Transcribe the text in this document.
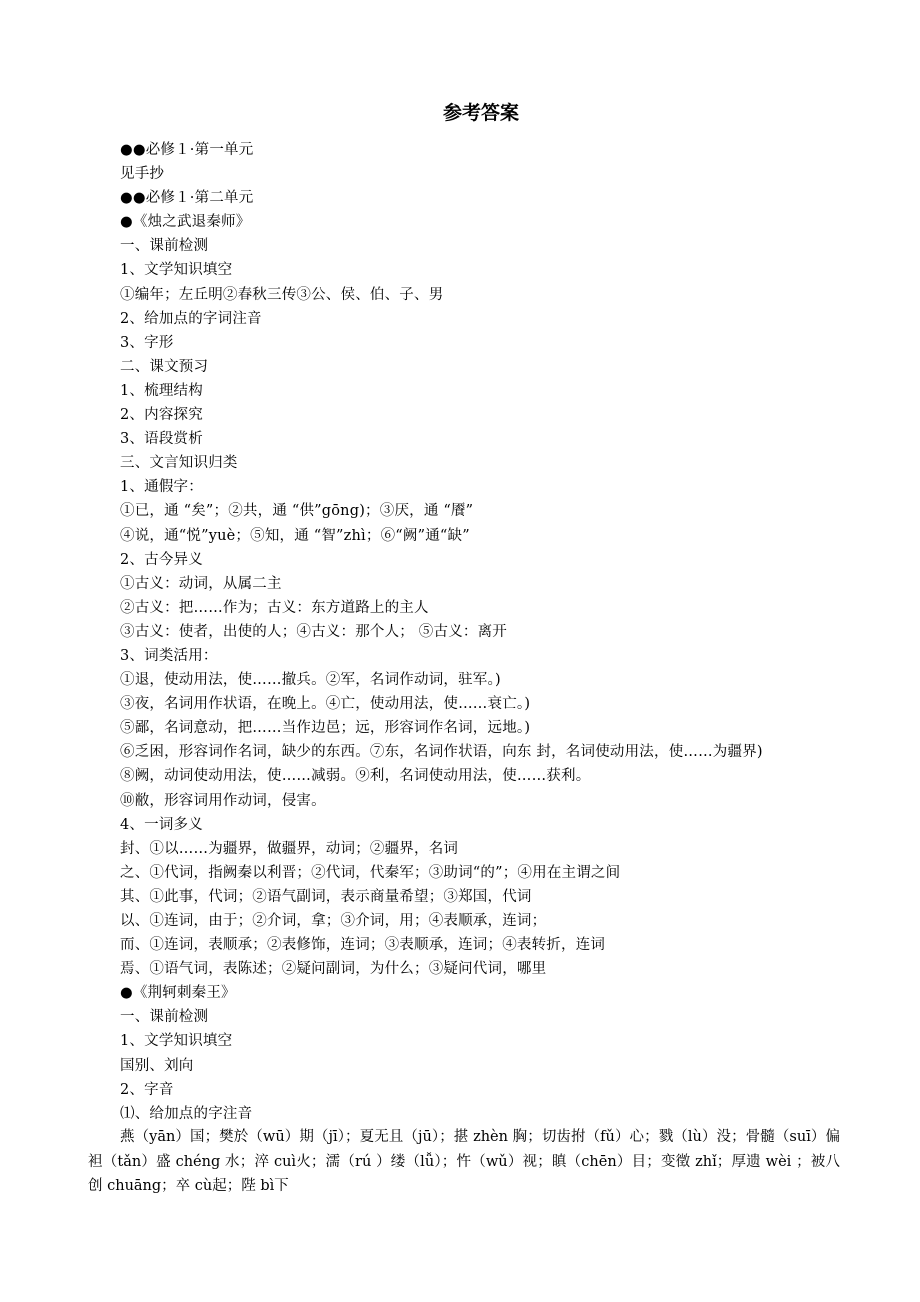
参考答案
●●必修１·第一单元
见手抄
●●必修１·第二单元
●《烛之武退秦师》
一、课前检测
1、文学知识填空
①编年；左丘明②春秋三传③公、侯、伯、子、男
2、给加点的字词注音
3、字形
二、课文预习
1、梳理结构
2、内容探究
3、语段赏析
三、文言知识归类
1、通假字：
①已，通 “矣”；②共，通 “供”gōng)；③厌，通 “餍”
④说，通“悦”yuè；⑤知，通 “智”zhì；⑥“阙”通“缺”
2、古今异义
①古义：动词，从属二主
②古义：把……作为；古义：东方道路上的主人
③古义：使者，出使的人；④古义：那个人； ⑤古义：离开
3、词类活用：
①退，使动用法，使……撤兵。②军，名词作动词，驻军。)
③夜，名词用作状语，在晚上。④亡，使动用法，使……衰亡。)
⑤鄙，名词意动，把……当作边邑；远，形容词作名词，远地。)
⑥乏困，形容词作名词，缺少的东西。⑦东，名词作状语，向东 封，名词使动用法，使……为疆界)
⑧阙，动词使动用法，使……减弱。⑨利，名词使动用法，使……获利。
⑩敝，形容词用作动词，侵害。
4、一词多义
封、①以……为疆界，做疆界，动词；②疆界，名词
之、①代词，指阙秦以利晋；②代词，代秦军；③助词“的”；④用在主谓之间
其、①此事，代词；②语气副词，表示商量希望；③郑国，代词
以、①连词，由于；②介词，拿；③介词，用；④表顺承，连词；
而、①连词，表顺承；②表修饰，连词；③表顺承，连词；④表转折，连词
焉、①语气词，表陈述；②疑问副词，为什么；③疑问代词，哪里
●《荆轲刺秦王》
一、课前检测
1、文学知识填空
国别、刘向
2、字音
⑴、给加点的字注音
燕（yān）国；樊於（wū）期（jī）；夏无且（jū）；揕 zhèn 胸；切齿拊（fǔ）心；戮（lù）没；骨髓（suī）偏袒（tǎn）盛 chéng 水；淬 cuì火；濡（rú ）缕（lǚ）；忤（wǔ）视；瞋（chēn）目；变徵 zhǐ；厚遗 wèi ；被八创 chuāng；卒 cù起；陛 bì下
